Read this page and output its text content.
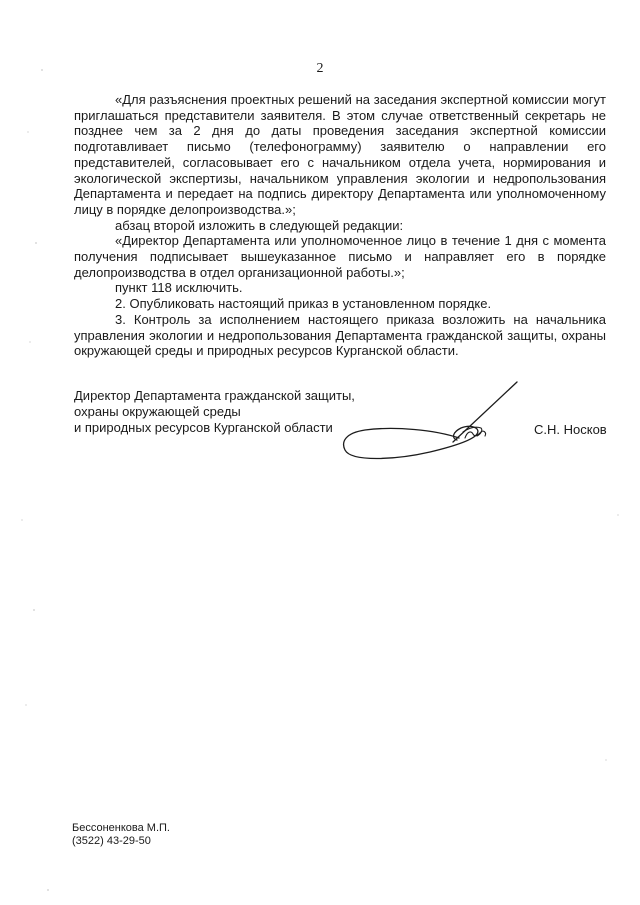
2

«Для разъяснения проектных решений на заседания экспертной комиссии могут приглашаться представители заявителя. В этом случае ответственный секретарь не позднее чем за 2 дня до даты проведения заседания экспертной комиссии подготавливает письмо (телефонограмму) заявителю о направлении его представителей, согласовывает его с начальником отдела учета, нормирования и экологической экспертизы, начальником управления экологии и недропользования Департамента и передает на подпись директору Департамента или уполномоченному лицу в порядке делопроизводства.»;

абзац второй изложить в следующей редакции:

«Директор Департамента или уполномоченное лицо в течение 1 дня с момента получения подписывает вышеуказанное письмо и направляет его в порядке делопроизводства в отдел организационной работы.»;

пункт 118 исключить.

2. Опубликовать настоящий приказ в установленном порядке.

3. Контроль за исполнением настоящего приказа возложить на начальника управления экологии и недропользования Департамента гражданской защиты, охраны окружающей среды и природных ресурсов Курганской области.

Директор Департамента гражданской защиты,
охраны окружающей среды
и природных ресурсов Курганской области	С.Н. Носков
Бессоненкова М.П.
(3522) 43-29-50
